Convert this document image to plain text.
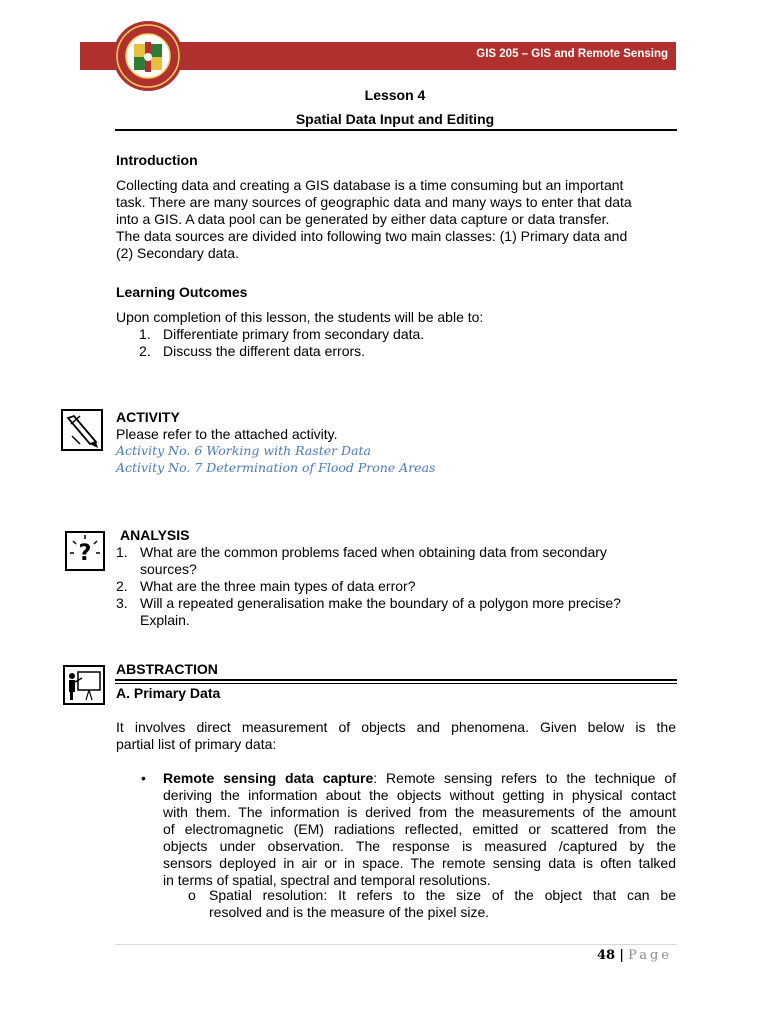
GIS 205 – GIS and Remote Sensing
Lesson 4
Spatial Data Input and Editing
Introduction
Collecting data and creating a GIS database is a time consuming but an important
task. There are many sources of geographic data and many ways to enter that data
into a GIS. A data pool can be generated by either data capture or data transfer.
The data sources are divided into following two main classes: (1) Primary data and
(2) Secondary data.
Learning Outcomes
Upon completion of this lesson, the students will be able to:
1. Differentiate primary from secondary data.
2. Discuss the different data errors.
ACTIVITY
Please refer to the attached activity.
Activity No. 6 Working with Raster Data
Activity No. 7 Determination of Flood Prone Areas
?
ANALYSIS
1. What are the common problems faced when obtaining data from secondary
sources?
2. What are the three main types of data error?
3. Will a repeated generalisation make the boundary of a polygon more precise?
Explain.
ABSTRACTION
A. Primary Data
It involves direct measurement of objects and phenomena. Given below is the
partial list of primary data:
• Remote sensing data capture: Remote sensing refers to the technique of
deriving the information about the objects without getting in physical contact
with them. The information is derived from the measurements of the amount
of electromagnetic (EM) radiations reflected, emitted or scattered from the
objects under observation. The response is measured /captured by the
sensors deployed in air or in space. The remote sensing data is often talked
in terms of spatial, spectral and temporal resolutions.
o Spatial resolution: It refers to the size of the object that can be
resolved and is the measure of the pixel size.
48 | Page
